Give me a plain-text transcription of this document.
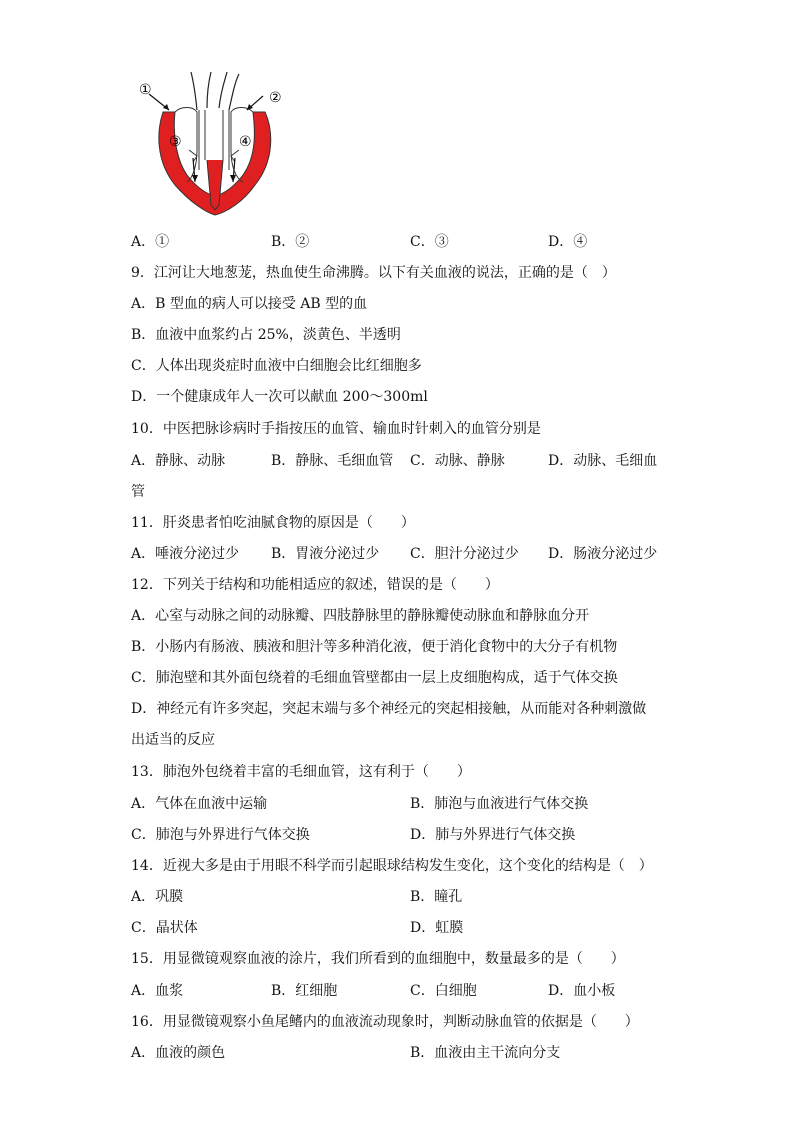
①	②
③	④
A．①	B．②	C．③	D．④
9．江河让大地葱茏，热血使生命沸腾。以下有关血液的说法，正确的是（　）
A．B 型血的病人可以接受 AB 型的血
B．血液中血浆约占 25%，淡黄色、半透明
C．人体出现炎症时血液中白细胞会比红细胞多
D．一个健康成年人一次可以献血 200～300ml
10．中医把脉诊病时手指按压的血管、输血时针刺入的血管分别是
A．静脉、动脉	B．静脉、毛细血管 C．动脉、静脉	D．动脉、毛细血
管
11．肝炎患者怕吃油腻食物的原因是（　　）
A．唾液分泌过少 B．胃液分泌过少 C．胆汁分泌过少 D．肠液分泌过少
12．下列关于结构和功能相适应的叙述，错误的是（　　）
A．心室与动脉之间的动脉瓣、四肢静脉里的静脉瓣使动脉血和静脉血分开
B．小肠内有肠液、胰液和胆汁等多种消化液，便于消化食物中的大分子有机物
C．肺泡壁和其外面包绕着的毛细血管壁都由一层上皮细胞构成，适于气体交换
D．神经元有许多突起，突起末端与多个神经元的突起相接触，从而能对各种刺激做
出适当的反应
13．肺泡外包绕着丰富的毛细血管，这有利于（　　）
A．气体在血液中运输	B．肺泡与血液进行气体交换
C．肺泡与外界进行气体交换	D．肺与外界进行气体交换
14．近视大多是由于用眼不科学而引起眼球结构发生变化，这个变化的结构是（　）
A．巩膜	B．瞳孔
C．晶状体	D．虹膜
15．用显微镜观察血液的涂片，我们所看到的血细胞中，数量最多的是（　　）
A．血浆	B．红细胞	C．白细胞	D．血小板
16．用显微镜观察小鱼尾鳍内的血液流动现象时，判断动脉血管的依据是（　　）
A．血液的颜色	B．血液由主干流向分支
